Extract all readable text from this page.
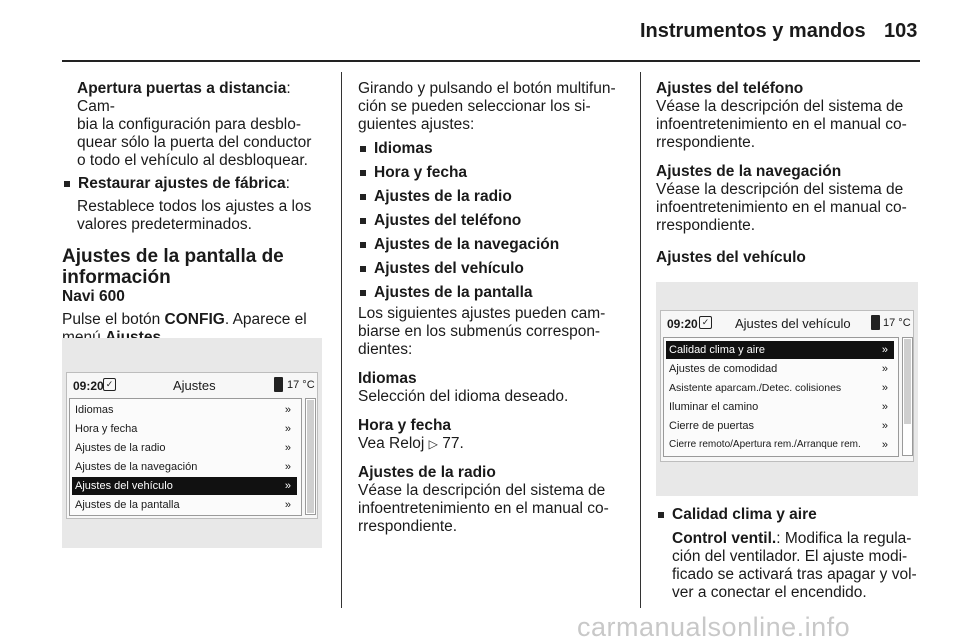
Instrumentos y mandos 103

Apertura puertas a distancia: Cam-

bia la configuración para desblo-

quear sólo la puerta del conductor

o todo el vehículo al desbloquear.

Restaurar ajustes de fábrica:

Restablece todos los ajustes a los

valores predeterminados.

Ajustes de la pantalla de

información

Navi 600

Pulse el botón CONFIG. Aparece el

09:20 ✓	Ajustes	17 °C
Idiomas	»
Hora y fecha	»
Ajustes de la radio	»
Ajustes de la navegación	»
Ajustes del vehículo	»
Ajustes de la pantalla	»

Girando y pulsando el botón multifun-

ción se pueden seleccionar los si-

guientes ajustes:

Idiomas
Hora y fecha
Ajustes de la radio
Ajustes del teléfono
Ajustes de la navegación
Ajustes del vehículo
Ajustes de la pantalla

Los siguientes ajustes pueden cam-

biarse en los submenús correspon-

dientes:

Idiomas

Selección del idioma deseado.

Hora y fecha

Vea Reloj ▷ 77.

Ajustes de la radio

Véase la descripción del sistema de

infoentretenimiento en el manual co-

rrespondiente.

Ajustes del teléfono

Véase la descripción del sistema de

infoentretenimiento en el manual co-

rrespondiente.

Ajustes de la navegación

Véase la descripción del sistema de

infoentretenimiento en el manual co-

rrespondiente.

Ajustes del vehículo

09:20 ✓ Ajustes del vehículo	17 °C
Calidad clima y aire	»
Ajustes de comodidad	»
Asistente aparcam./Detec. colisiones	»
Iluminar el camino	»
Cierre de puertas	»
Cierre remoto/Apertura rem./Arranque rem. »
Calidad clima y aire

Control ventil.: Modifica la regula-

ción del ventilador. El ajuste modi-

ficado se activará tras apagar y vol-

ver a conectar el encendido.

carmanualsonline.info
